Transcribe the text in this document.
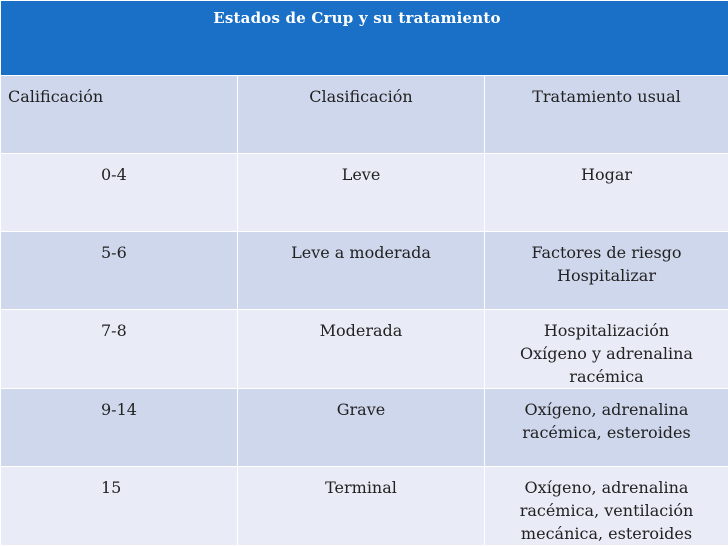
Estados de Crup y su tratamiento		

Calificación	Clasificación	Tratamiento usual

0-4	Leve	Hogar

5-6	Leve a moderada	Factores de riesgo
Hospitalizar

7-8	Moderada	Hospitalización
Oxígeno y adrenalina
racémica

9-14	Grave	Oxígeno, adrenalina
racémica, esteroides

15	Terminal	Oxígeno, adrenalina
racémica, ventilación
mecánica, esteroides
